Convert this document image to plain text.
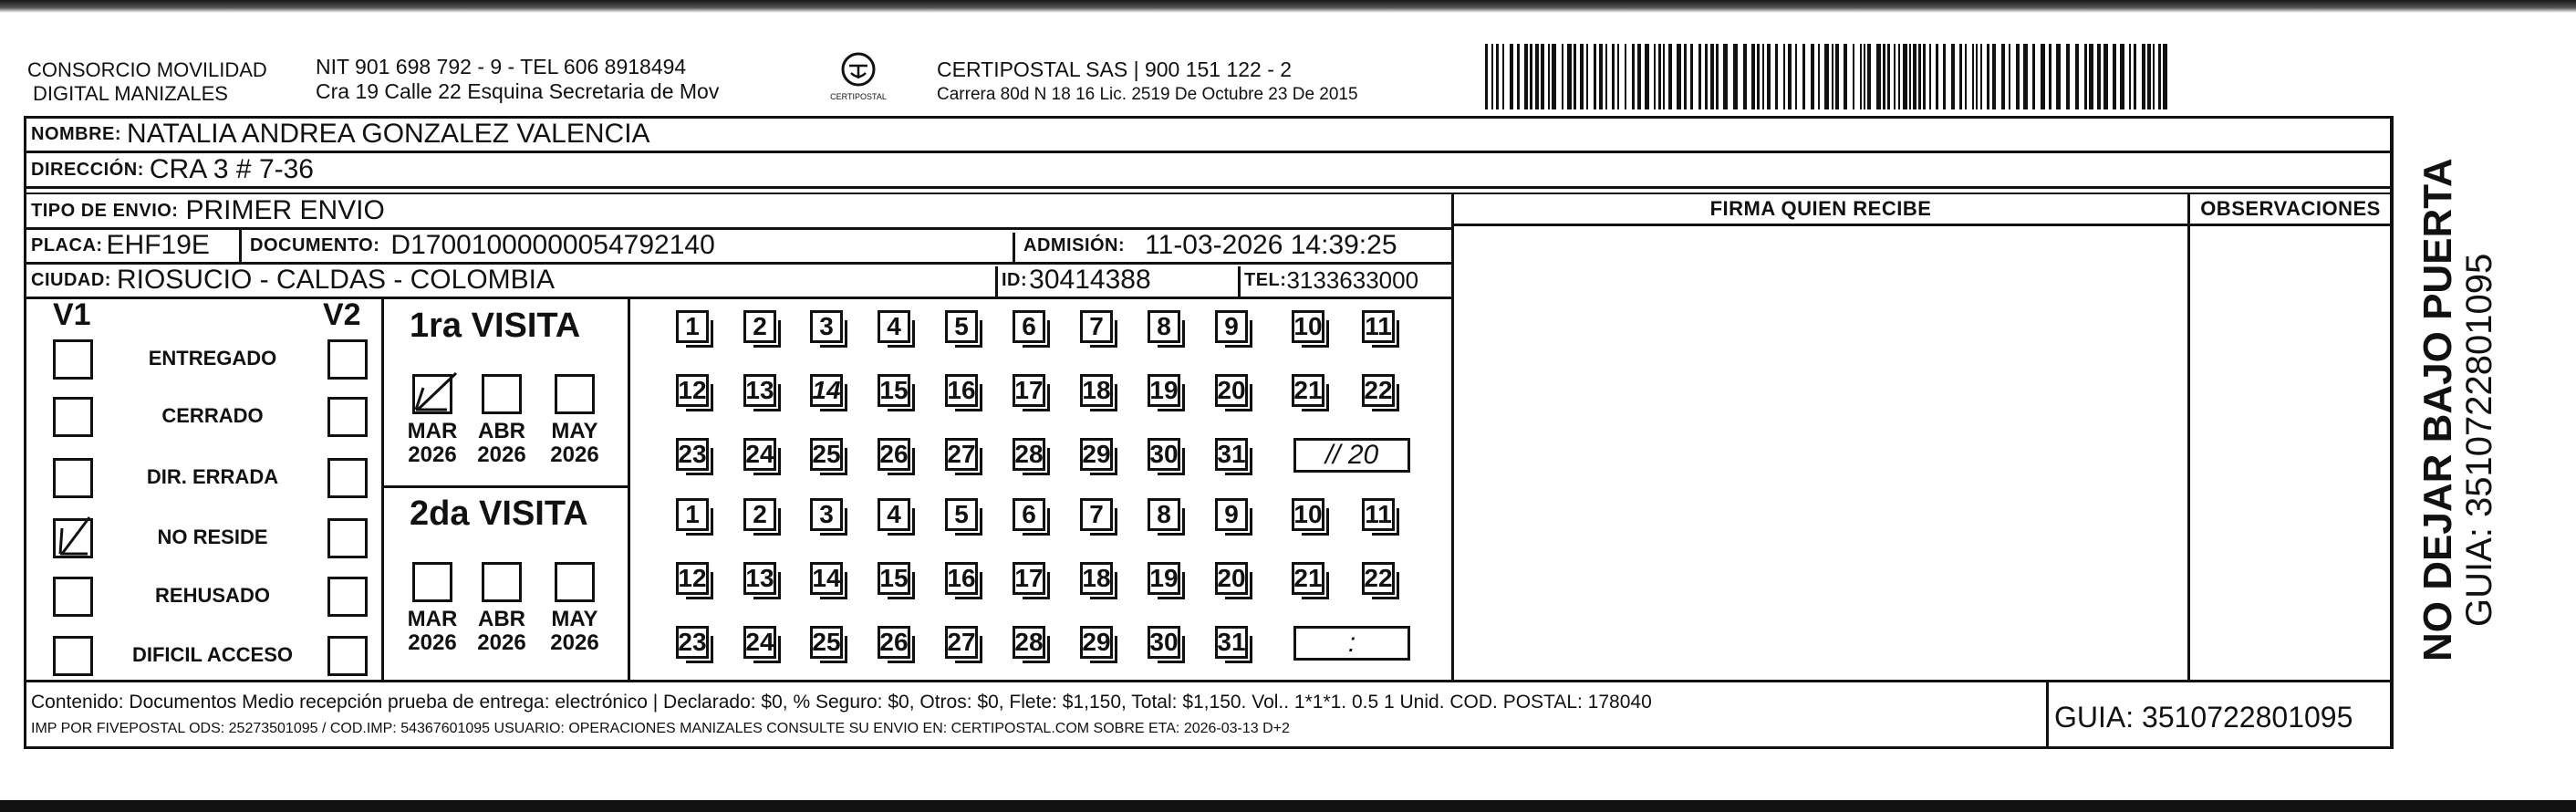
CONSORCIO MOVILIDAD
DIGITAL MANIZALES
NIT 901 698 792 - 9 - TEL 606 8918494
Cra 19 Calle 22 Esquina Secretaria de Mov	CERTIPOSTAL
CERTIPOSTAL SAS | 900 151 122 - 2
Carrera 80d N 18 16 Lic. 2519 De Octubre 23 De 2015
NOMBRE: NATALIA ANDREA GONZALEZ VALENCIA
DIRECCIÓN: CRA 3 # 7-36
TIPO DE ENVIO: PRIMER ENVIO
PLACA: EHF19E DOCUMENTO: D17001000000054792140	ADMISIÓN: 11-03-2026 14:39:25
CIUDAD: RIOSUCIO - CALDAS - COLOMBIA	ID: 30414388	TEL: 3133633000
FIRMA QUIEN RECIBE	OBSERVACIONES
V1	V2
ENTREGADO
CERRADO
DIR. ERRADA
NO RESIDE
REHUSADO
DIFICIL ACCESO
1ra VISITA
MAR
2026
ABR
2026
MAY
2026
1	2	3	4	5	6	7	8	9	10 11
12 13 14 15 16 17 18 19 20 21 22
23 24 25 26 27 28 29 30 31	// 20
2da VISITA
MAR
2026
ABR
2026
MAY
2026
1	2	3	4	5	6	7	8	9	10 11
12 13 14 15 16 17 18 19 20 21 22
23 24 25 26 27 28 29 30 31	:
Contenido: Documentos Medio recepción prueba de entrega: electrónico | Declarado: $0, % Seguro: $0, Otros: $0, Flete: $1,150, Total: $1,150. Vol.. 1*1*1. 0.5 1 Unid. COD. POSTAL: 178040
IMP POR FIVEPOSTAL ODS: 25273501095 / COD.IMP: 54367601095 USUARIO: OPERACIONES MANIZALES CONSULTE SU ENVIO EN: CERTIPOSTAL.COM SOBRE ETA: 2026-03-13 D+2	GUIA: 3510722801095
NO DEJAR BAJO PUERTA GUIA: 3510722801095
